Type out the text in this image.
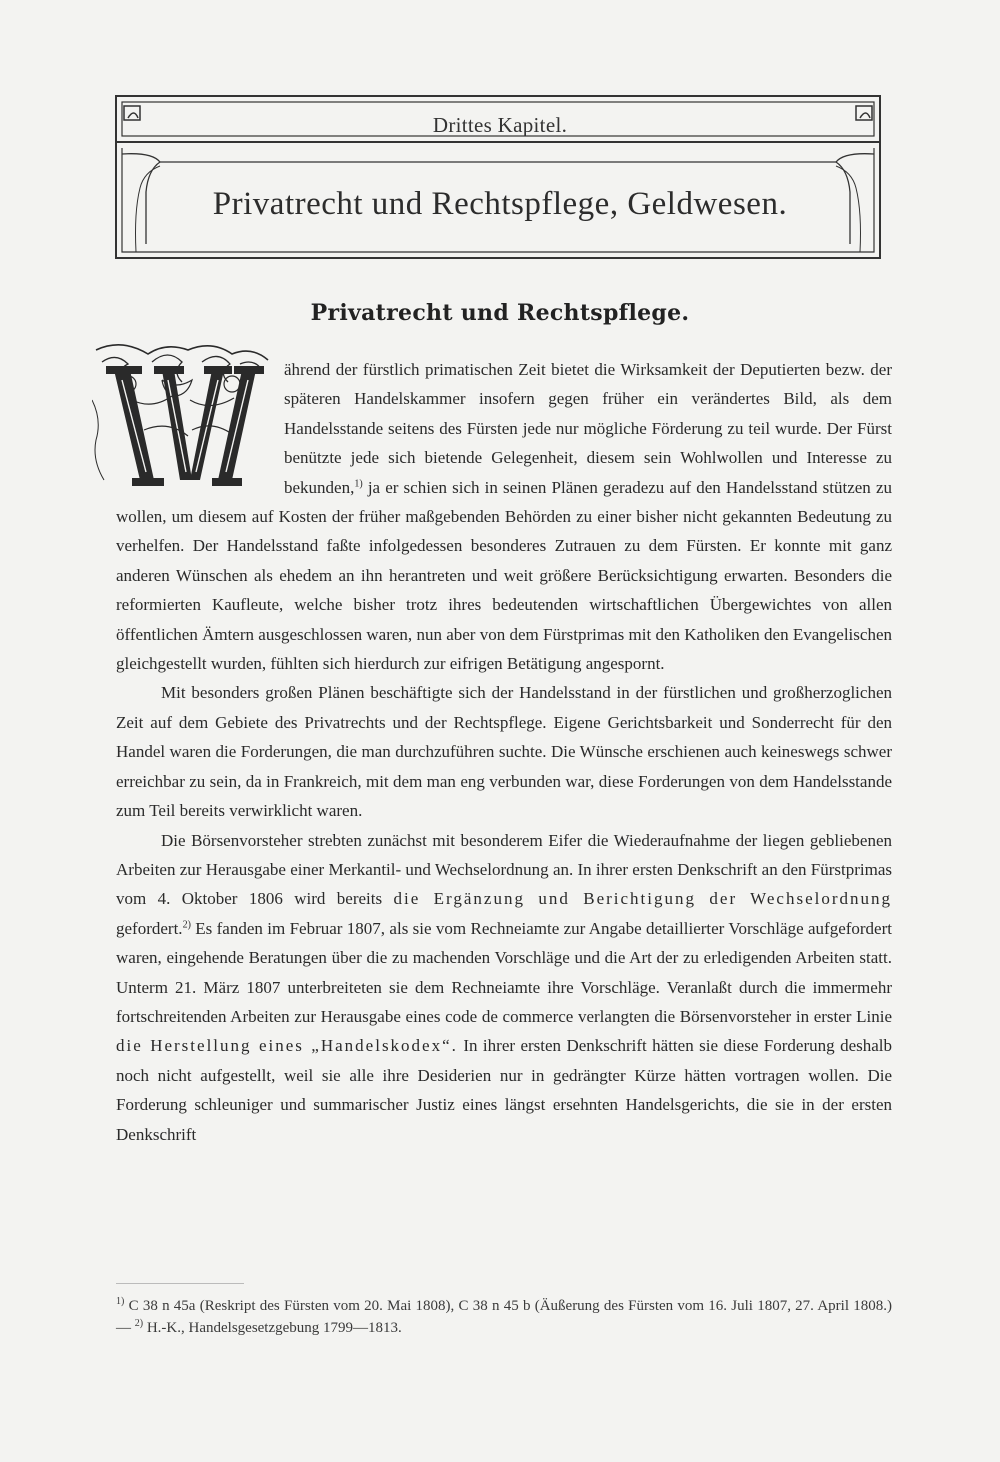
Drittes Kapitel.
Privatrecht und Rechtspflege, Geldwesen.
Privatrecht und Rechtspflege.

ährend der fürstlich primatischen Zeit bietet die Wirksamkeit der Deputierten bezw. der späteren Handelskammer insofern gegen früher ein verändertes Bild, als dem Handelsstande seitens des Fürsten jede nur mögliche Förderung zu teil wurde. Der Fürst benützte jede sich bietende Gelegenheit, diesem sein Wohlwollen und Interesse zu bekunden,$^{1)}$ ja er schien sich in seinen Plänen geradezu auf den Handelsstand stützen zu wollen, um diesem auf Kosten der früher maßgebenden Behörden zu einer bisher nicht gekannten Bedeutung zu verhelfen. Der Handelsstand faßte infolgedessen besonderes Zutrauen zu dem Fürsten. Er konnte mit ganz anderen Wünschen als ehedem an ihn herantreten und weit größere Berücksichtigung erwarten. Besonders die reformierten Kaufleute, welche bisher trotz ihres bedeutenden wirtschaftlichen Übergewichtes von allen öffentlichen Ämtern ausgeschlossen waren, nun aber von dem Fürstprimas mit den Katholiken den Evangelischen gleichgestellt wurden, fühlten sich hierdurch zur eifrigen Betätigung angespornt.

Mit besonders großen Plänen beschäftigte sich der Handelsstand in der fürstlichen und großherzoglichen Zeit auf dem Gebiete des Privatrechts und der Rechtspflege. Eigene Gerichtsbarkeit und Sonderrecht für den Handel waren die Forderungen, die man durchzuführen suchte. Die Wünsche erschienen auch keineswegs schwer erreichbar zu sein, da in Frankreich, mit dem man eng verbunden war, diese Forderungen von dem Handelsstande zum Teil bereits verwirklicht waren.

Die Börsenvorsteher strebten zunächst mit besonderem Eifer die Wiederaufnahme der liegen gebliebenen Arbeiten zur Herausgabe einer Merkantil- und Wechselordnung an. In ihrer ersten Denkschrift an den Fürstprimas vom 4. Oktober 1806 wird bereits die Ergänzung und Berichtigung der Wechselordnung gefordert.$^{2)}$ Es fanden im Februar 1807, als sie vom Rechneiamte zur Angabe detaillierter Vorschläge aufgefordert waren, eingehende Beratungen über die zu machenden Vorschläge und die Art der zu erledigenden Arbeiten statt. Unterm 21. März 1807 unterbreiteten sie dem Rechneiamte ihre Vorschläge. Veranlaßt durch die immermehr fortschreitenden Arbeiten zur Herausgabe eines code de commerce verlangten die Börsenvorsteher in erster Linie die Herstellung eines „Handelskodex“. In ihrer ersten Denkschrift hätten sie diese Forderung deshalb noch nicht aufgestellt, weil sie alle ihre Desiderien nur in gedrängter Kürze hätten vortragen wollen. Die Forderung schleuniger und summarischer Justiz eines längst ersehnten Handelsgerichts, die sie in der ersten Denkschrift

$^{1)}$ C 38 n 45a (Reskript des Fürsten vom 20. Mai 1808), C 38 n 45 b (Äußerung des Fürsten vom 16. Juli 1807, 27. April 1808.) — $^{2)}$ H.-K., Handelsgesetzgebung 1799—1813.
